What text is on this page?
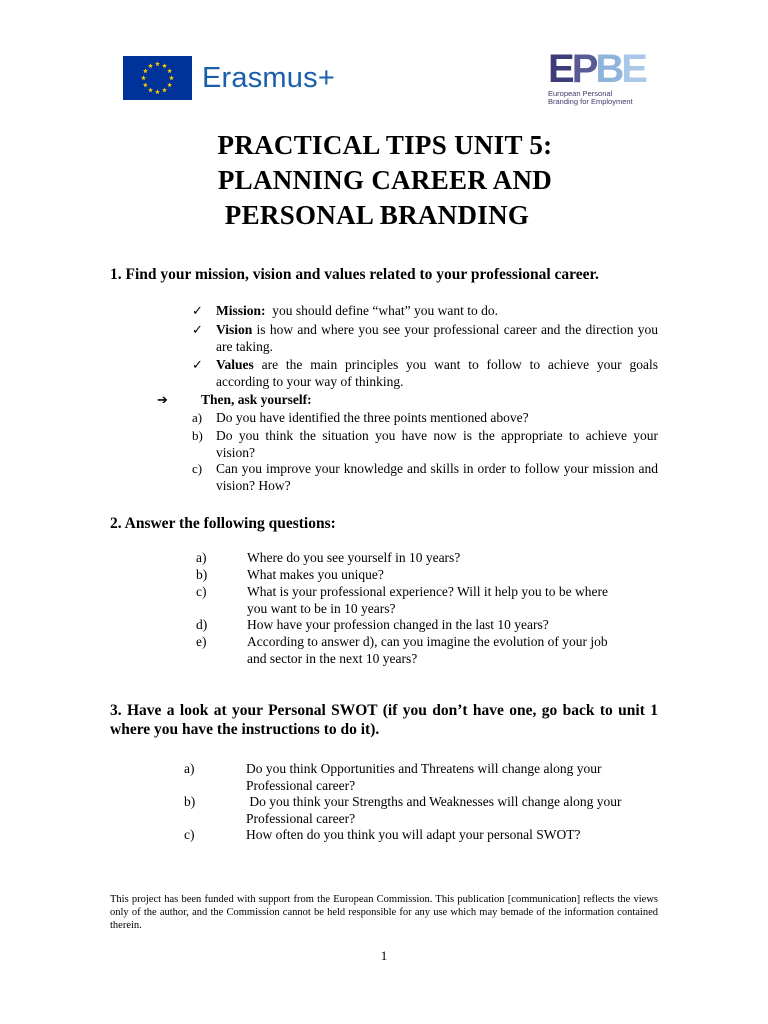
Erasmus+	E P B E
European Personal
Branding for Employment
PRACTICAL TIPS UNIT 5:
PLANNING CAREER AND
PERSONAL BRANDING
1. Find your mission, vision and values related to your professional career.
✓ Mission:  you should define “what” you want to do.
✓ Vision is how and where you see your professional career and the direction you are taking.
✓ Values are the main principles you want to follow to achieve your goals according to your way of thinking.
➔	Then, ask yourself:
a)	Do you have identified the three points mentioned above?
b) Do you think the situation you have now is the appropriate to achieve your vision?
c)	Can you improve your knowledge and skills in order to follow your mission and vision? How?
2. Answer the following questions:
a)	Where do you see yourself in 10 years?
b)	What makes you unique?
c)	What is your professional experience? Will it help you to be where  you want to be in 10 years?
d)	How have your profession changed in the last 10 years?
e)	According to answer d), can you imagine the evolution of your job and sector in the next 10 years?
3. Have a look at your Personal SWOT (if you don’t have one, go back to unit 1 where you have the instructions to do it).
a)	Do you think Opportunities and Threatens will change along your Professional career?
b)	Do you think your Strengths and Weaknesses will change along your Professional career?
c)	How often do you think you will adapt your personal SWOT?
This project has been funded with support from the European Commission. This publication [communication] reflects the views only of the author, and the Commission cannot be held responsible for any use which may bemade of the information contained therein.
1
